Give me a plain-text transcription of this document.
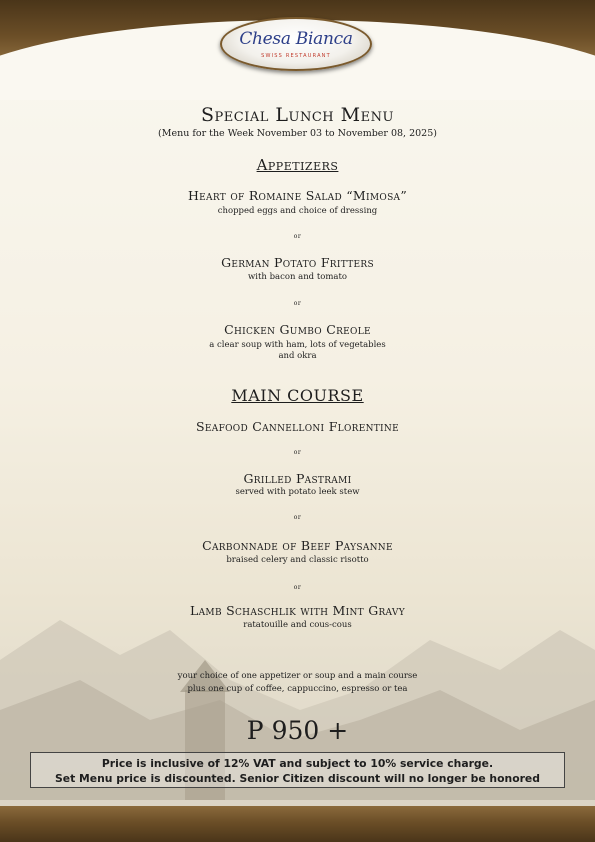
Chesa Bianca
SWISS RESTAURANT
Special Lunch Menu
(Menu for the Week November 03 to November 08, 2025)
Appetizers
Heart of Romaine Salad “Mimosa”
chopped eggs and choice of dressing
or
German Potato Fritters
with bacon and tomato
or
Chicken Gumbo Creole
a clear soup with ham, lots of vegetables
and okra
MAIN COURSE
Seafood Cannelloni Florentine
or
Grilled Pastrami
served with potato leek stew
or
Carbonnade of Beef Paysanne
braised celery and classic risotto
or
Lamb Schaschlik with Mint Gravy
ratatouille and cous-cous
your choice of one appetizer or soup and a main course
plus one cup of coffee, cappuccino, espresso or tea
P 950 +
Price is inclusive of 12% VAT and subject to 10% service charge.
Set Menu price is discounted. Senior Citizen discount will no longer be honored
